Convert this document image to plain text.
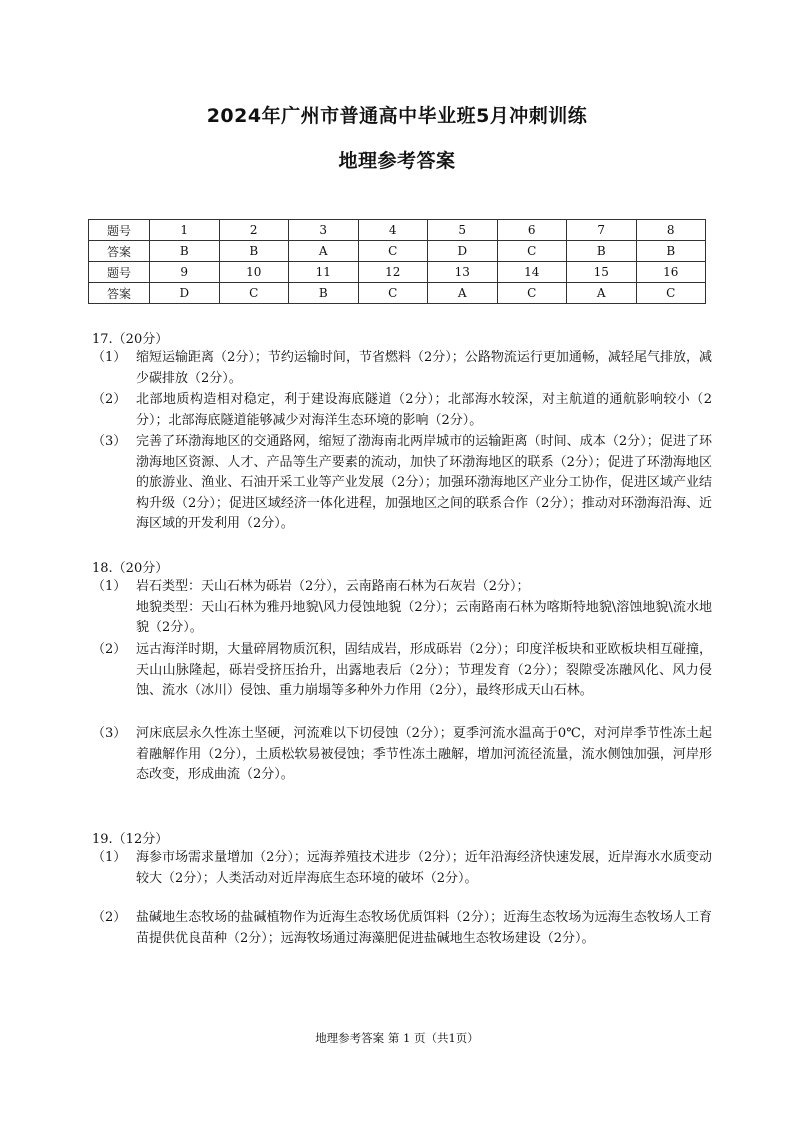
2024年广州市普通高中毕业班5月冲刺训练
地理参考答案
题号	1	2	3	4	5	6	7	8
答案	B	B	A	C	D	C	B	B
题号	9	10	11	12	13	14	15	16
答案	D	C	B	C	A	C	A	C
17.（20分）
（1） 缩短运输距离（2分）；节约运输时间，节省燃料（2分）；公路物流运行更加通畅，减轻尾气排放，减少碳排放（2分）。
（2） 北部地质构造相对稳定，利于建设海底隧道（2分）；北部海水较深，对主航道的通航影响较小（2分）；北部海底隧道能够减少对海洋生态环境的影响（2分）。
（3） 完善了环渤海地区的交通路网，缩短了渤海南北两岸城市的运输距离（时间、成本（2分）；促进了环渤海地区资源、人才、产品等生产要素的流动，加快了环渤海地区的联系（2分）；促进了环渤海地区的旅游业、渔业、石油开采工业等产业发展（2分）；加强环渤海地区产业分工协作，促进区域产业结构升级（2分）；促进区域经济一体化进程，加强地区之间的联系合作（2分）；推动对环渤海沿海、近海区域的开发利用（2分）。
18.（20分）
（1） 岩石类型：天山石林为砾岩（2分），云南路南石林为石灰岩（2分）；
地貌类型：天山石林为雅丹地貌\风力侵蚀地貌（2分）；云南路南石林为喀斯特地貌\溶蚀地貌\流水地貌（2分）。
（2） 远古海洋时期，大量碎屑物质沉积，固结成岩，形成砾岩（2分）；印度洋板块和亚欧板块相互碰撞，天山山脉隆起，砾岩受挤压抬升，出露地表后（2分）；节理发育（2分）；裂隙受冻融风化、风力侵蚀、流水（冰川）侵蚀、重力崩塌等多种外力作用（2分），最终形成天山石林。
（3） 河床底层永久性冻土坚硬，河流难以下切侵蚀（2分）；夏季河流水温高于0℃，对河岸季节性冻土起着融解作用（2分），土质松软易被侵蚀；季节性冻土融解，增加河流径流量，流水侧蚀加强，河岸形态改变，形成曲流（2分）。
19.（12分）
（1） 海参市场需求量增加（2分）；远海养殖技术进步（2分）；近年沿海经济快速发展，近岸海水水质变动较大（2分）；人类活动对近岸海底生态环境的破坏（2分）。
（2） 盐碱地生态牧场的盐碱植物作为近海生态牧场优质饵料（2分）；近海生态牧场为远海生态牧场人工育苗提供优良苗种（2分）；远海牧场通过海藻肥促进盐碱地生态牧场建设（2分）。
地理参考答案 第 1 页（共1页）
